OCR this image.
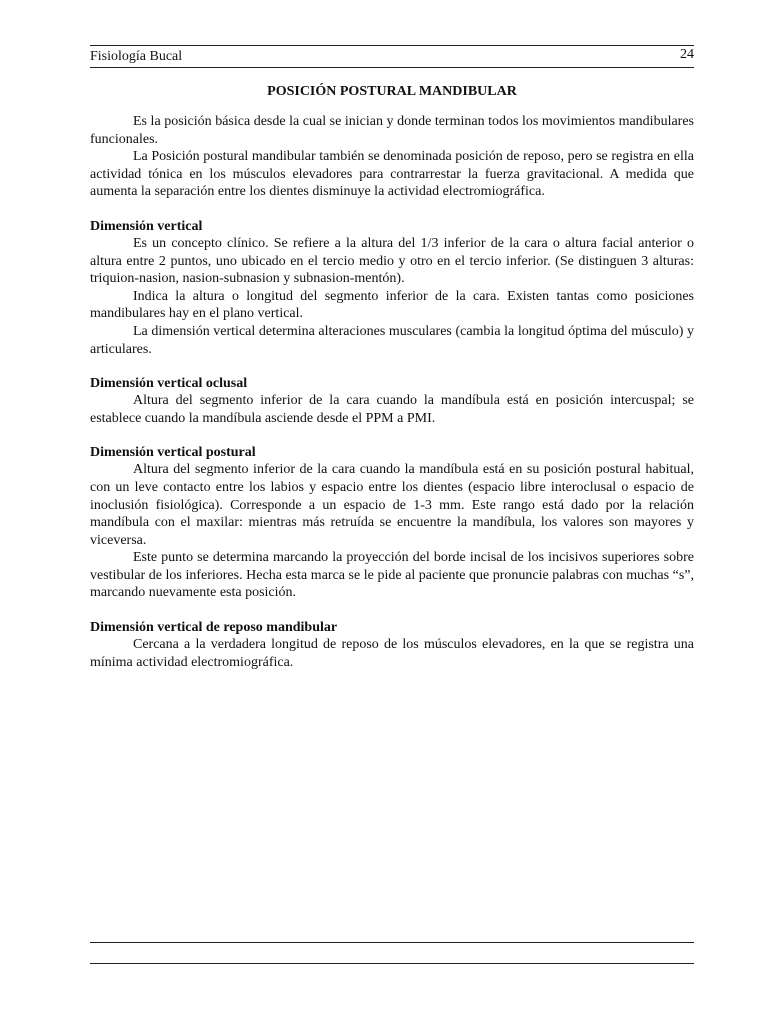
Fisiología Bucal	24
POSICIÓN POSTURAL MANDIBULAR

Es la posición básica desde la cual se inician y donde terminan todos los movimientos mandibulares funcionales.

La Posición postural mandibular también se denominada posición de reposo, pero se registra en ella actividad tónica en los músculos elevadores para contrarrestar la fuerza gravitacional. A medida que aumenta la separación entre los dientes disminuye la actividad electromiográfica.

Dimensión vertical

Es un concepto clínico. Se refiere a la altura del 1/3 inferior de la cara o altura facial anterior o altura entre 2 puntos, uno ubicado en el tercio medio y otro en el tercio inferior. (Se distinguen 3 alturas: triquion-nasion, nasion-subnasion y subnasion-mentón).

Indica la altura o longitud del segmento inferior de la cara. Existen tantas como posiciones mandibulares hay en el plano vertical.

La dimensión vertical determina alteraciones musculares (cambia la longitud óptima del músculo) y articulares.

Dimensión vertical oclusal

Altura del segmento inferior de la cara cuando la mandíbula está en posición intercuspal; se establece cuando la mandíbula asciende desde el PPM a PMI.

Dimensión vertical postural

Altura del segmento inferior de la cara cuando la mandíbula está en su posición postural habitual, con un leve contacto entre los labios y espacio entre los dientes (espacio libre interoclusal o espacio de inoclusión fisiológica). Corresponde a un espacio de 1-3 mm. Este rango está dado por la relación mandíbula con el maxilar: mientras más retruída se encuentre la mandíbula, los valores son mayores y viceversa.

Este punto se determina marcando la proyección del borde incisal de los incisivos superiores sobre vestibular de los inferiores. Hecha esta marca se le pide al paciente que pronuncie palabras con muchas “s”, marcando nuevamente esta posición.

Dimensión vertical de reposo mandibular

Cercana a la verdadera longitud de reposo de los músculos elevadores, en la que se registra una mínima actividad electromiográfica.
